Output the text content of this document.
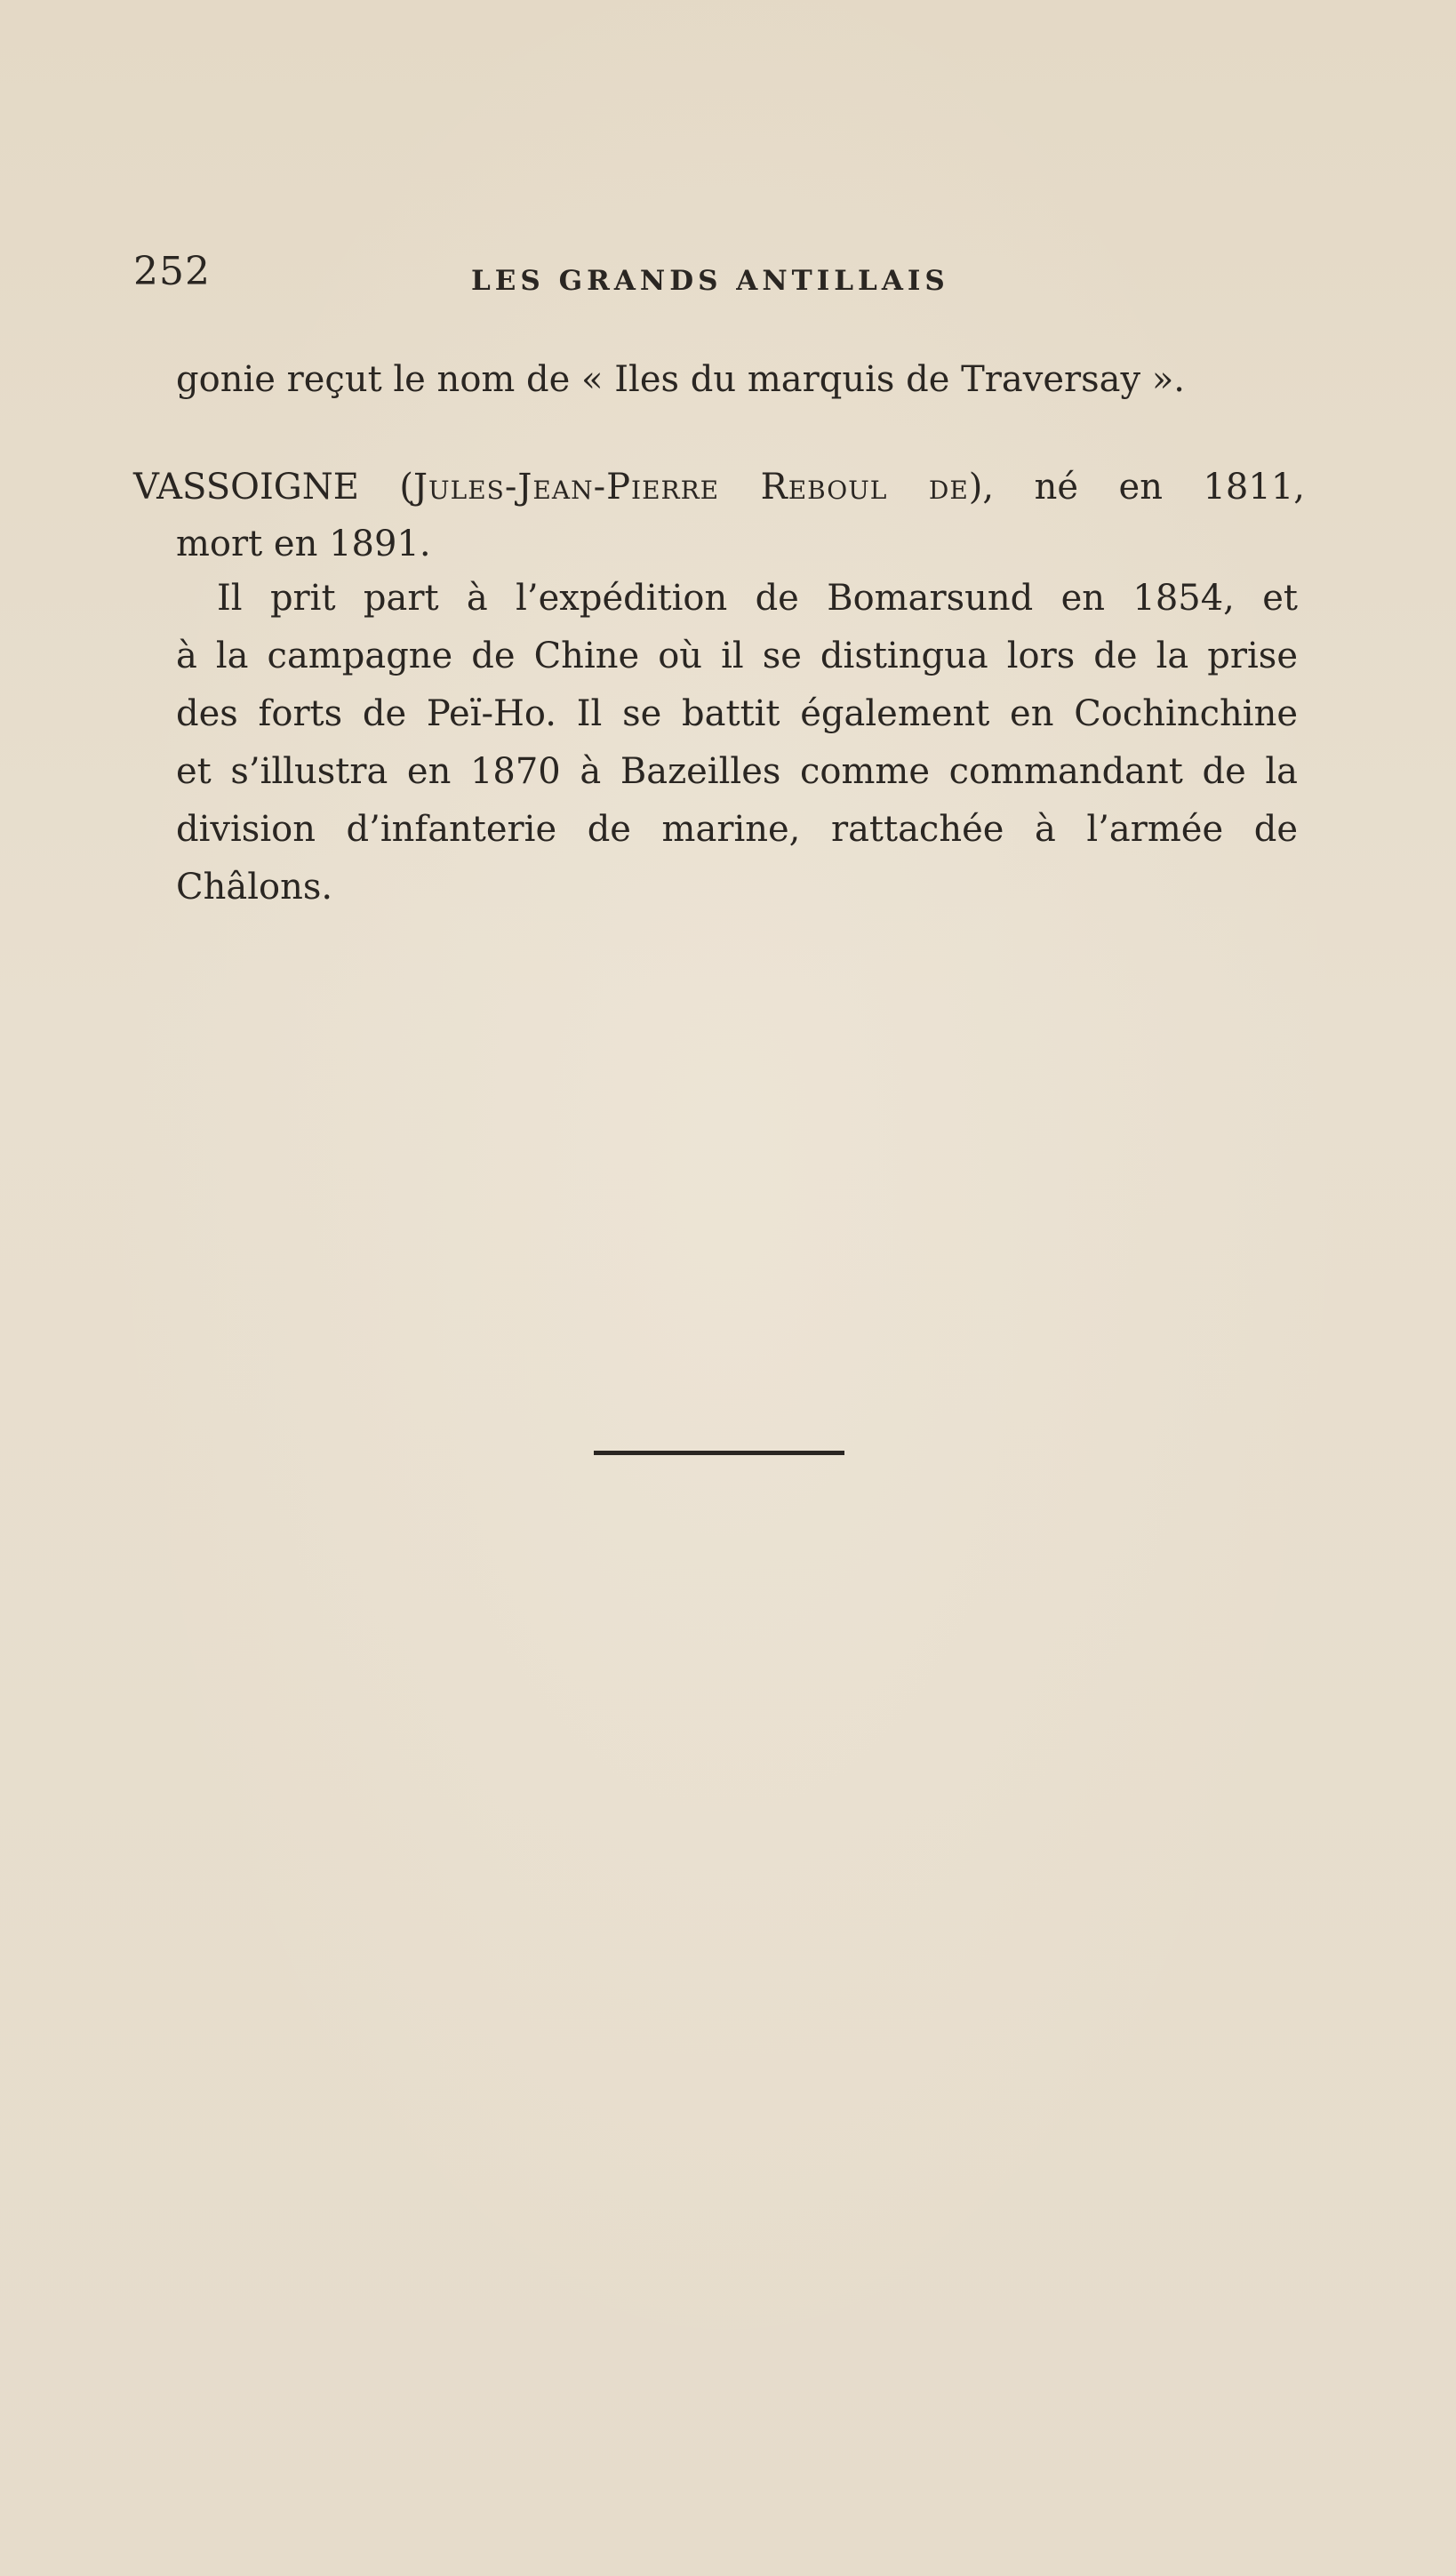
252	LES GRANDS ANTILLAIS

gonie reçut le nom de « Iles du marquis de Traversay ».

VASSOIGNE (Jules-Jean-Pierre Reboul de), né en 1811,

mort en 1891.

Il prit part à l’expédition de Bomarsund en 1854, et

à la campagne de Chine où il se distingua lors de la prise

des forts de Peï-Ho. Il se battit également en Cochinchine

et s’illustra en 1870 à Bazeilles comme commandant de la

division d’infanterie de marine, rattachée à l’armée de

Châlons.
